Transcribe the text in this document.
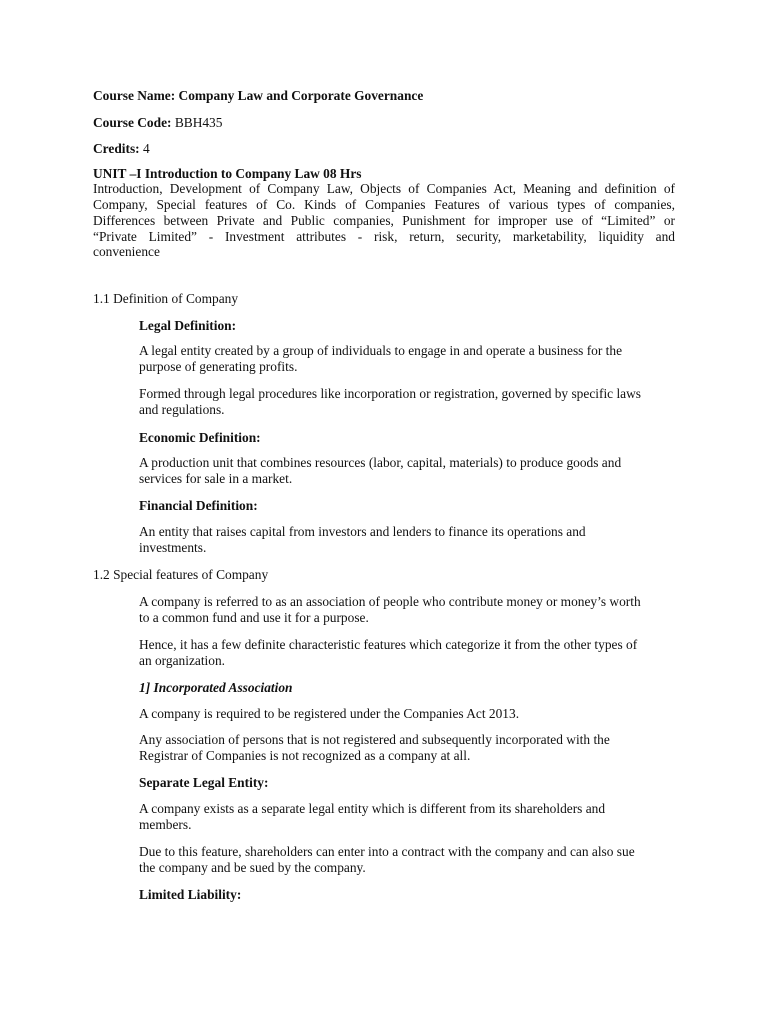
Course Name: Company Law and Corporate Governance
Course Code: BBH435
Credits: 4
UNIT –I Introduction to Company Law 08 Hrs
Introduction, Development of Company Law, Objects of Companies Act, Meaning and definition of
Company, Special features of Co. Kinds of Companies Features of various types of companies,
Differences between Private and Public companies, Punishment for improper use of “Limited” or
“Private Limited” - Investment attributes - risk, return, security, marketability, liquidity and
convenience
1.1 Definition of Company
Legal Definition:
A legal entity created by a group of individuals to engage in and operate a business for the
purpose of generating profits.
Formed through legal procedures like incorporation or registration, governed by specific laws
and regulations.
Economic Definition:
A production unit that combines resources (labor, capital, materials) to produce goods and
services for sale in a market.
Financial Definition:
An entity that raises capital from investors and lenders to finance its operations and
investments.
1.2 Special features of Company
A company is referred to as an association of people who contribute money or money’s worth
to a common fund and use it for a purpose.
Hence, it has a few definite characteristic features which categorize it from the other types of
an organization.
1] Incorporated Association
A company is required to be registered under the Companies Act 2013.
Any association of persons that is not registered and subsequently incorporated with the
Registrar of Companies is not recognized as a company at all.
Separate Legal Entity:
A company exists as a separate legal entity which is different from its shareholders and
members.
Due to this feature, shareholders can enter into a contract with the company and can also sue
the company and be sued by the company.
Limited Liability:
